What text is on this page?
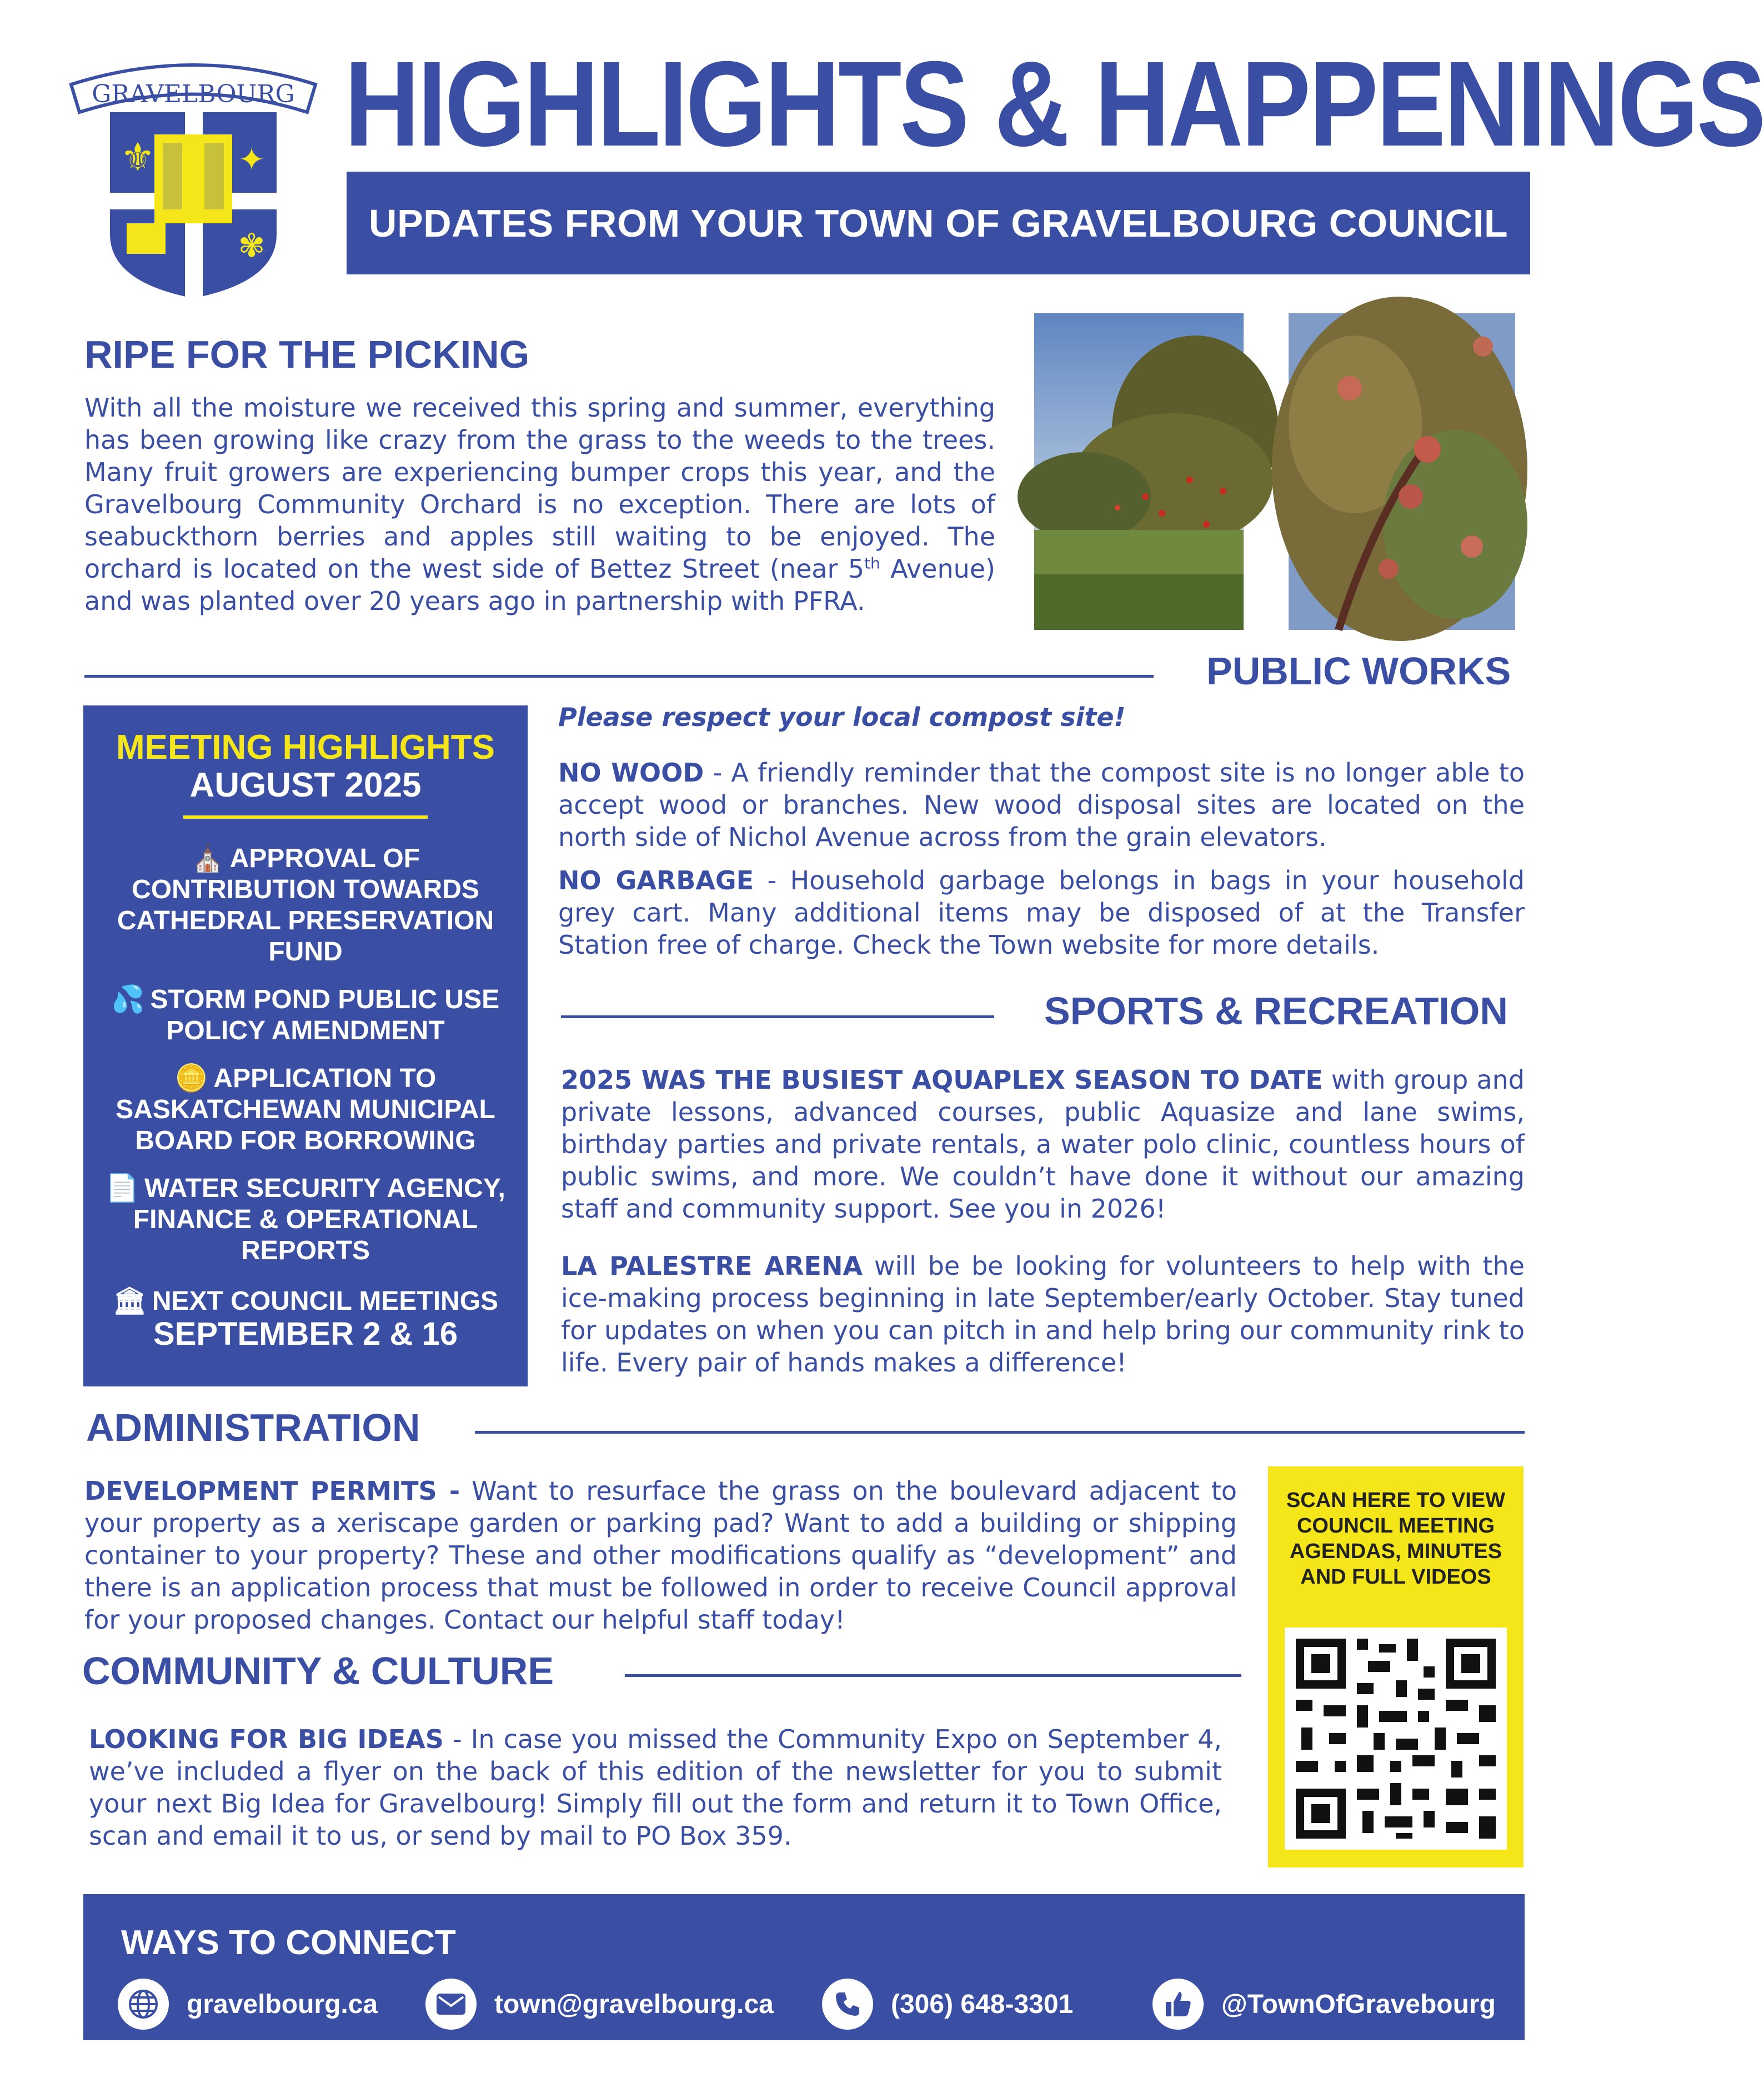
⚜	✦
✾
GRAVELBOURG HIGHLIGHTS & HAPPENINGS
UPDATES FROM YOUR TOWN OF GRAVELBOURG COUNCIL
RIPE FOR THE PICKING
With all the moisture we received this spring and summer, everything has been growing like crazy from the grass to the weeds to the trees. Many fruit growers are experiencing bumper crops this year, and the Gravelbourg Community Orchard is no exception. There are lots of seabuckthorn berries and apples still waiting to be enjoyed. The orchard is located on the west side of Bettez Street (near 5th Avenue) and was planted over 20 years ago in partnership with PFRA.
PUBLIC WORKS
MEETING HIGHLIGHTS
AUGUST 2025
⛪ APPROVAL OF CONTRIBUTION TOWARDS CATHEDRAL PRESERVATION FUND
💦 STORM POND PUBLIC USE POLICY AMENDMENT
🪙 APPLICATION TO SASKATCHEWAN MUNICIPAL BOARD FOR BORROWING
📄 WATER SECURITY AGENCY, FINANCE & OPERATIONAL REPORTS
🏛 NEXT COUNCIL MEETINGS
SEPTEMBER 2 & 16
Please respect your local compost site!
NO WOOD - A friendly reminder that the compost site is no longer able to accept wood or branches. New wood disposal sites are located on the north side of Nichol Avenue across from the grain elevators.
NO GARBAGE - Household garbage belongs in bags in your household grey cart. Many additional items may be disposed of at the Transfer Station free of charge. Check the Town website for more details.
SPORTS & RECREATION
2025 WAS THE BUSIEST AQUAPLEX SEASON TO DATE with group and private lessons, advanced courses, public Aquasize and lane swims, birthday parties and private rentals, a water polo clinic, countless hours of public swims, and more. We couldn’t have done it without our amazing staff and community support. See you in 2026!
LA PALESTRE ARENA will be be looking for volunteers to help with the ice-making process beginning in late September/early October. Stay tuned for updates on when you can pitch in and help bring our community rink to life. Every pair of hands makes a difference!
ADMINISTRATION
DEVELOPMENT PERMITS - Want to resurface the grass on the boulevard adjacent to your property as a xeriscape garden or parking pad? Want to add a building or shipping container to your property? These and other modifications qualify as “development” and there is an application process that must be followed in order to receive Council approval for your proposed changes. Contact our helpful staff today!
COMMUNITY & CULTURE
LOOKING FOR BIG IDEAS - In case you missed the Community Expo on September 4, we’ve included a flyer on the back of this edition of the newsletter for you to submit your next Big Idea for Gravelbourg! Simply fill out the form and return it to Town Office, scan and email it to us, or send by mail to PO Box 359.
SCAN HERE TO VIEW COUNCIL MEETING AGENDAS, MINUTES AND FULL VIDEOS
WAYS TO CONNECT
gravelbourg.ca	town@gravelbourg.ca	(306) 648-3301	@TownOfGravebourg
